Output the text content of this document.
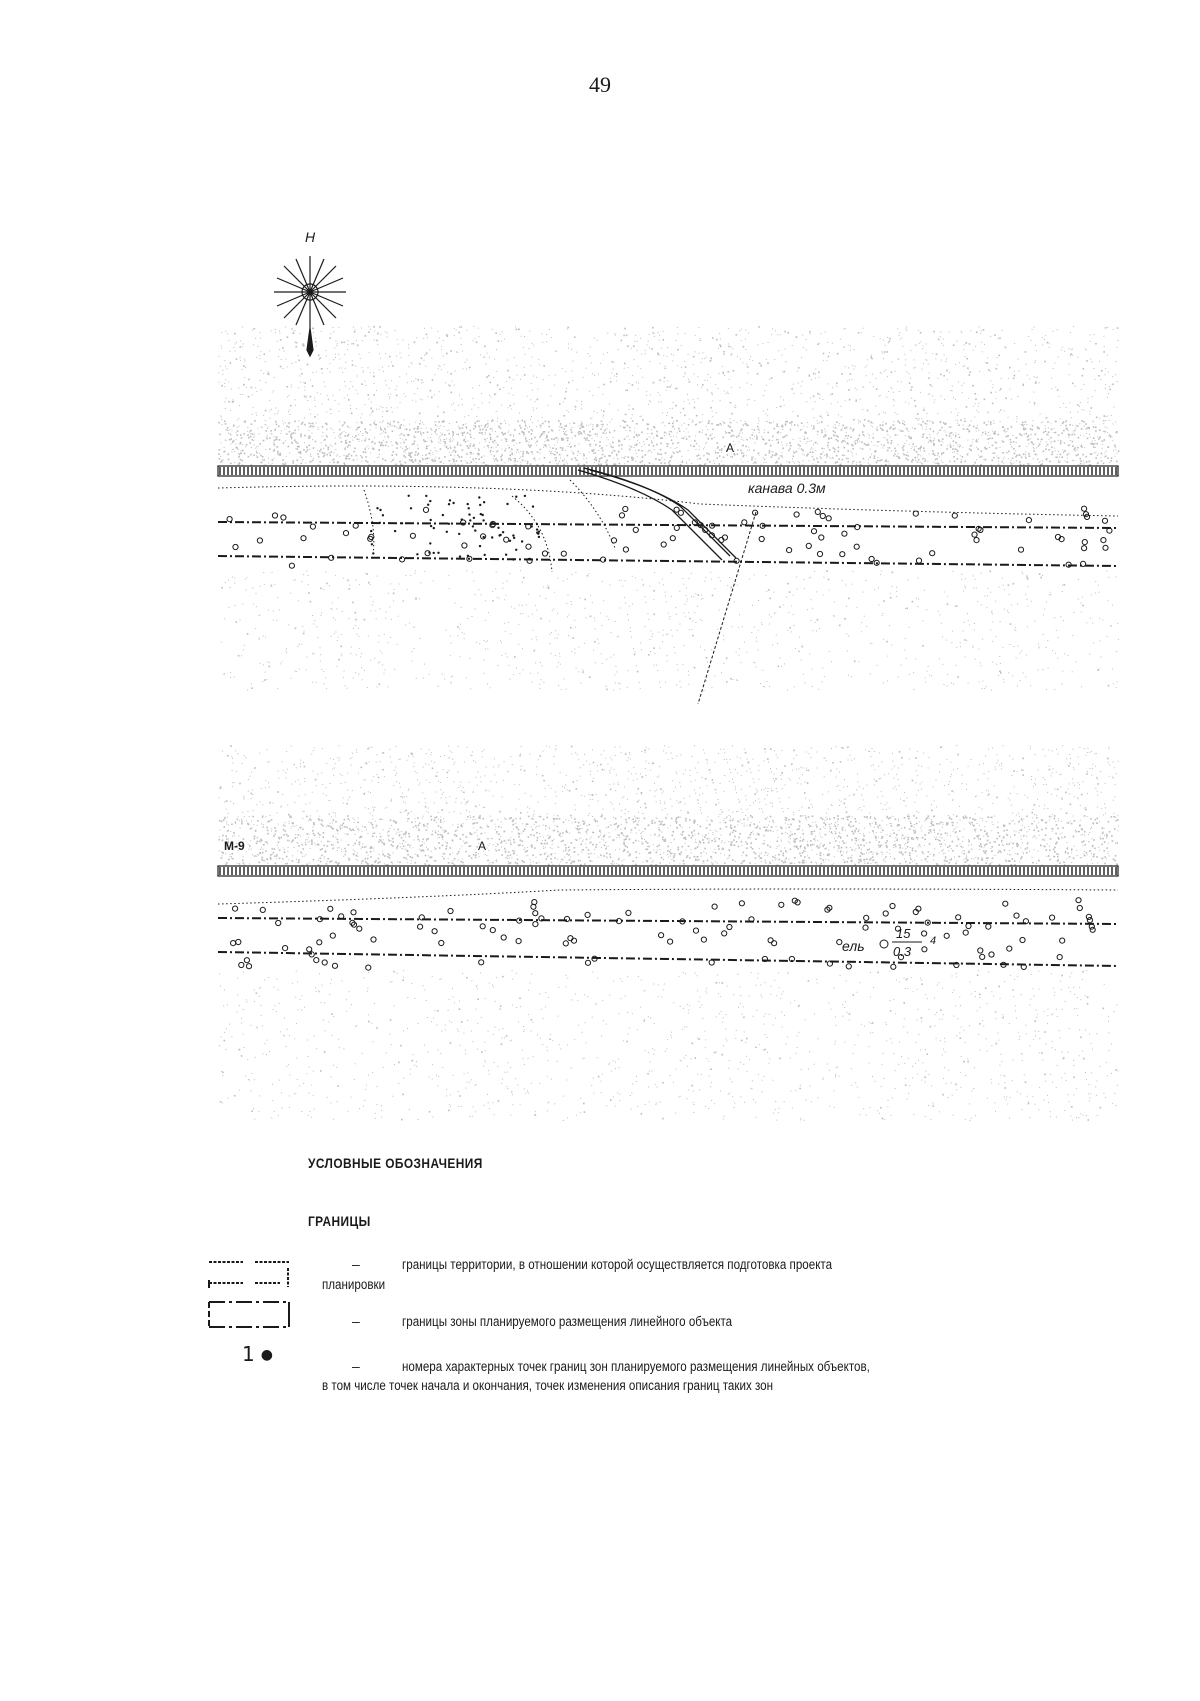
49
Н
А
канава 0.3м
М-9	А
ель
15
0.3
4
УСЛОВНЫЕ ОБОЗНАЧЕНИЯ
ГРАНИЦЫ
–	границы территории, в отношении которой осуществляется подготовка проекта
планировки
–	границы зоны планируемого размещения линейного объекта
1 ●
–	номера характерных точек границ зон планируемого размещения линейных объектов,
в том числе точек начала и окончания, точек изменения описания границ таких зон
